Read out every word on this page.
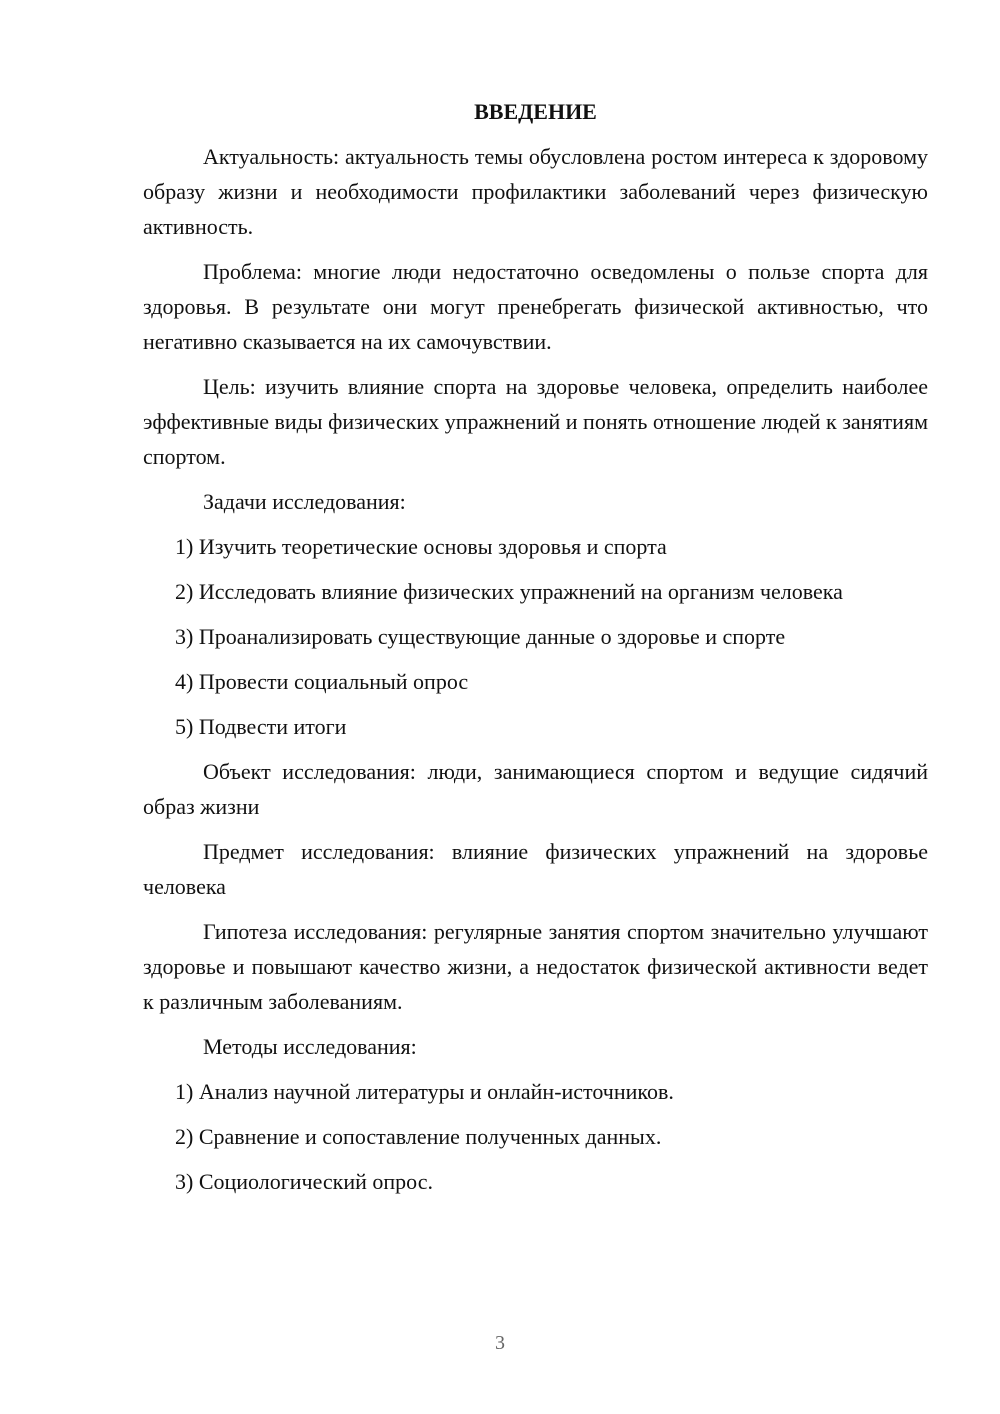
ВВЕДЕНИЕ

Актуальность: актуальность темы обусловлена ростом интереса к здоровому образу жизни и необходимости профилактики заболеваний через физическую активность.

Проблема: многие люди недостаточно осведомлены о пользе спорта для здоровья. В результате они могут пренебрегать физической активностью, что негативно сказывается на их самочувствии.

Цель: изучить влияние спорта на здоровье человека, определить наиболее эффективные виды физических упражнений и понять отношение людей к занятиям спортом.

Задачи исследования:

1) Изучить теоретические основы здоровья и спорта
2) Исследовать влияние физических упражнений на организм человека
3) Проанализировать существующие данные о здоровье и спорте
4) Провести социальный опрос
5) Подвести итоги

Объект исследования: люди, занимающиеся спортом и ведущие сидячий образ жизни

Предмет исследования: влияние физических упражнений на здоровье человека

Гипотеза исследования: регулярные занятия спортом значительно улучшают здоровье и повышают качество жизни, а недостаток физической активности ведет к различным заболеваниям.

Методы исследования:

1) Анализ научной литературы и онлайн-источников.
2) Сравнение и сопоставление полученных данных.
3) Социологический опрос.
3
